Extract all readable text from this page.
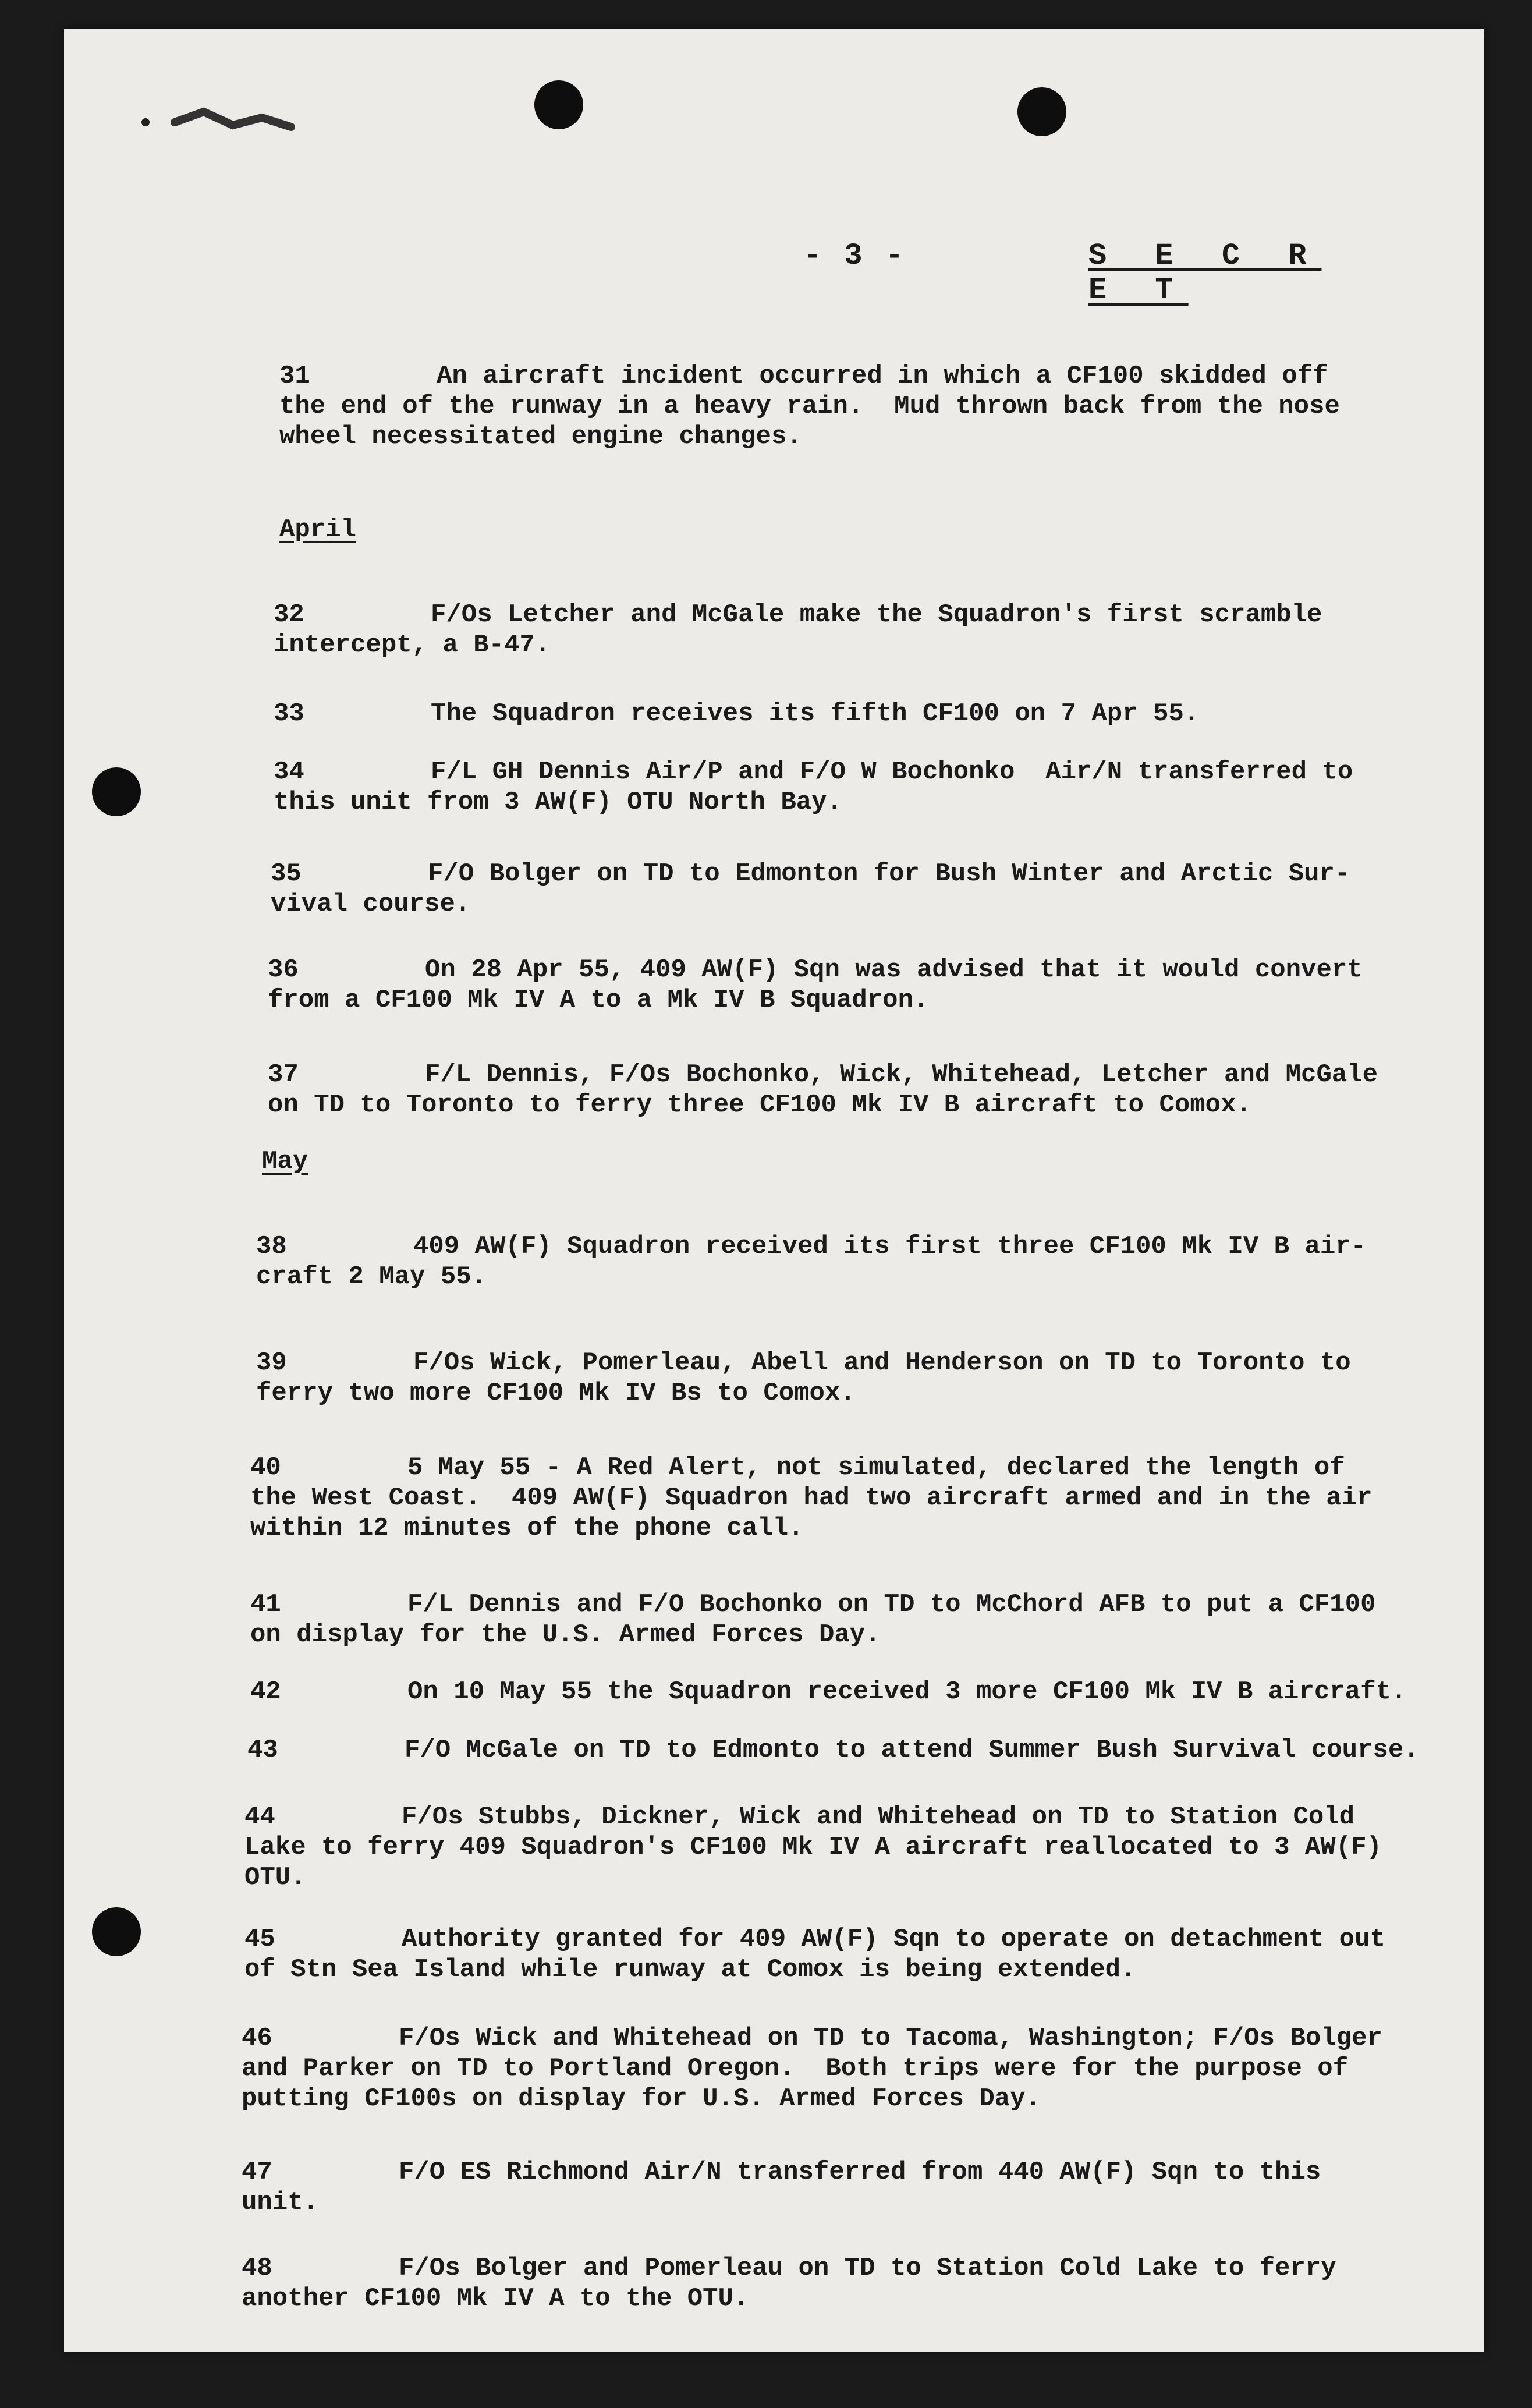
- 3 -	S E C R E T
April
May
31	An aircraft incident occurred in which a CF100 skidded off
the end of the runway in a heavy rain.  Mud thrown back from the nose
wheel necessitated engine changes.
32	F/Os Letcher and McGale make the Squadron's first scramble
intercept, a B-47.
33	The Squadron receives its fifth CF100 on 7 Apr 55.
34	F/L GH Dennis Air/P and F/O W Bochonko  Air/N transferred to
this unit from 3 AW(F) OTU North Bay.
35	F/O Bolger on TD to Edmonton for Bush Winter and Arctic Sur-
vival course.
36	On 28 Apr 55, 409 AW(F) Sqn was advised that it would convert
from a CF100 Mk IV A to a Mk IV B Squadron.
37	F/L Dennis, F/Os Bochonko, Wick, Whitehead, Letcher and McGale
on TD to Toronto to ferry three CF100 Mk IV B aircraft to Comox.
38	409 AW(F) Squadron received its first three CF100 Mk IV B air-
craft 2 May 55.
39	F/Os Wick, Pomerleau, Abell and Henderson on TD to Toronto to
ferry two more CF100 Mk IV Bs to Comox.
40	5 May 55 - A Red Alert, not simulated, declared the length of
the West Coast.  409 AW(F) Squadron had two aircraft armed and in the air
within 12 minutes of the phone call.
41	F/L Dennis and F/O Bochonko on TD to McChord AFB to put a CF100
on display for the U.S. Armed Forces Day.
42	On 10 May 55 the Squadron received 3 more CF100 Mk IV B aircraft.
43	F/O McGale on TD to Edmonto to attend Summer Bush Survival course.
44	F/Os Stubbs, Dickner, Wick and Whitehead on TD to Station Cold
Lake to ferry 409 Squadron's CF100 Mk IV A aircraft reallocated to 3 AW(F)
OTU.
45	Authority granted for 409 AW(F) Sqn to operate on detachment out
of Stn Sea Island while runway at Comox is being extended.
46	F/Os Wick and Whitehead on TD to Tacoma, Washington; F/Os Bolger
and Parker on TD to Portland Oregon.  Both trips were for the purpose of
putting CF100s on display for U.S. Armed Forces Day.
47	F/O ES Richmond Air/N transferred from 440 AW(F) Sqn to this
unit.
48	F/Os Bolger and Pomerleau on TD to Station Cold Lake to ferry
another CF100 Mk IV A to the OTU.
